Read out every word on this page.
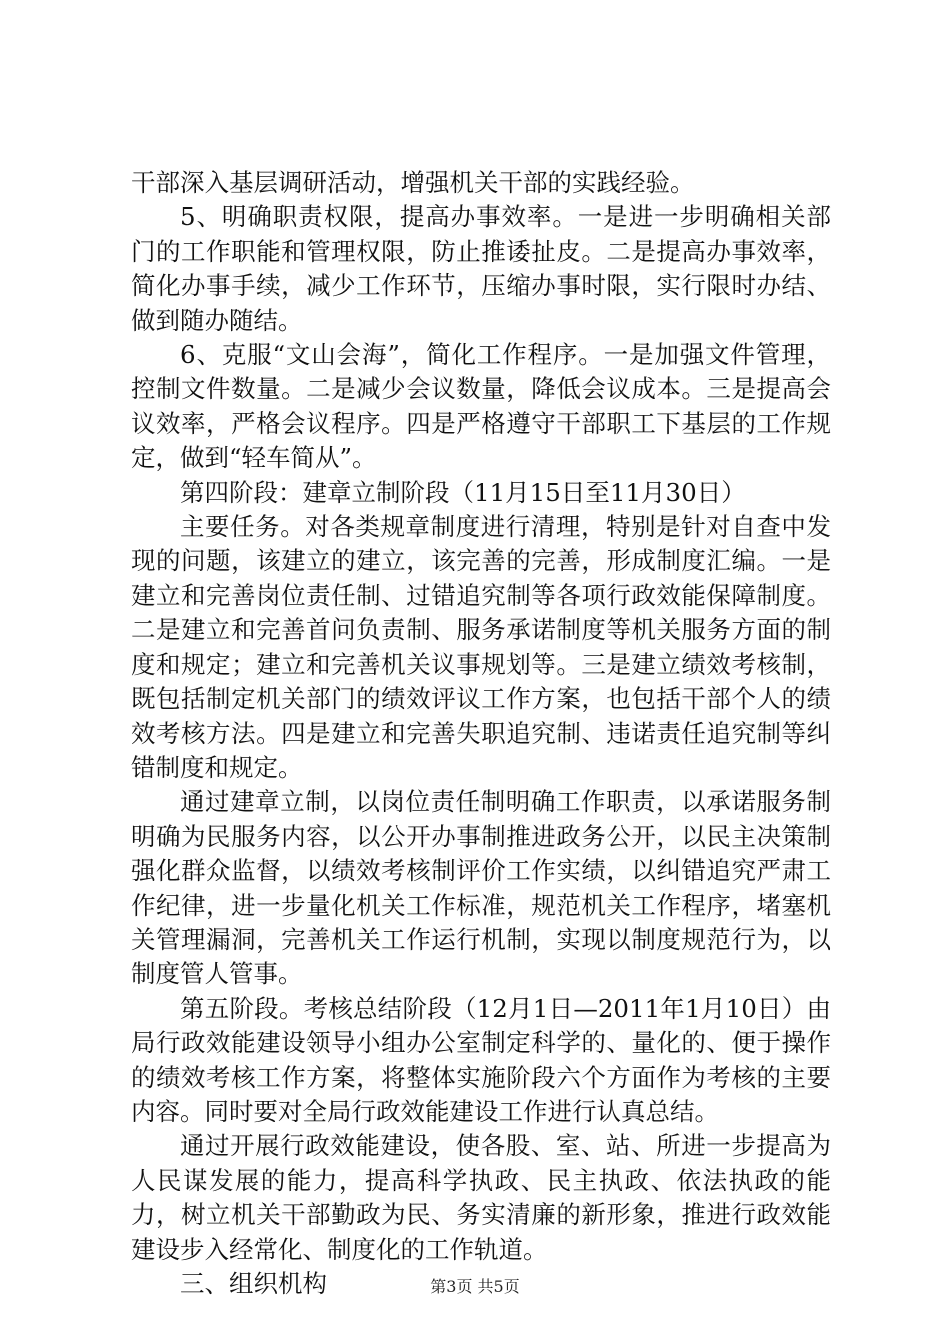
干部深入基层调研活动，增强机关干部的实践经验。

5、明确职责权限，提高办事效率。一是进一步明确相关部门的工作职能和管理权限，防止推诿扯皮。二是提高办事效率，简化办事手续，减少工作环节，压缩办事时限，实行限时办结、做到随办随结。

6、克服“文山会海”，简化工作程序。一是加强文件管理，控制文件数量。二是减少会议数量，降低会议成本。三是提高会议效率，严格会议程序。四是严格遵守干部职工下基层的工作规定，做到“轻车简从”。

第四阶段：建章立制阶段（11月15日至11月30日）

主要任务。对各类规章制度进行清理，特别是针对自查中发现的问题，该建立的建立，该完善的完善，形成制度汇编。一是建立和完善岗位责任制、过错追究制等各项行政效能保障制度。二是建立和完善首问负责制、服务承诺制度等机关服务方面的制度和规定；建立和完善机关议事规划等。三是建立绩效考核制，既包括制定机关部门的绩效评议工作方案，也包括干部个人的绩效考核方法。四是建立和完善失职追究制、违诺责任追究制等纠错制度和规定。

通过建章立制，以岗位责任制明确工作职责，以承诺服务制明确为民服务内容，以公开办事制推进政务公开，以民主决策制强化群众监督，以绩效考核制评价工作实绩，以纠错追究严肃工作纪律，进一步量化机关工作标准，规范机关工作程序，堵塞机关管理漏洞，完善机关工作运行机制，实现以制度规范行为，以制度管人管事。

第五阶段。考核总结阶段（12月1日—2011年1月10日）由局行政效能建设领导小组办公室制定科学的、量化的、便于操作的绩效考核工作方案，将整体实施阶段六个方面作为考核的主要内容。同时要对全局行政效能建设工作进行认真总结。

通过开展行政效能建设，使各股、室、站、所进一步提高为人民谋发展的能力，提高科学执政、民主执政、依法执政的能力，树立机关干部勤政为民、务实清廉的新形象，推进行政效能建设步入经常化、制度化的工作轨道。

三、组织机构	第3页 共5页
